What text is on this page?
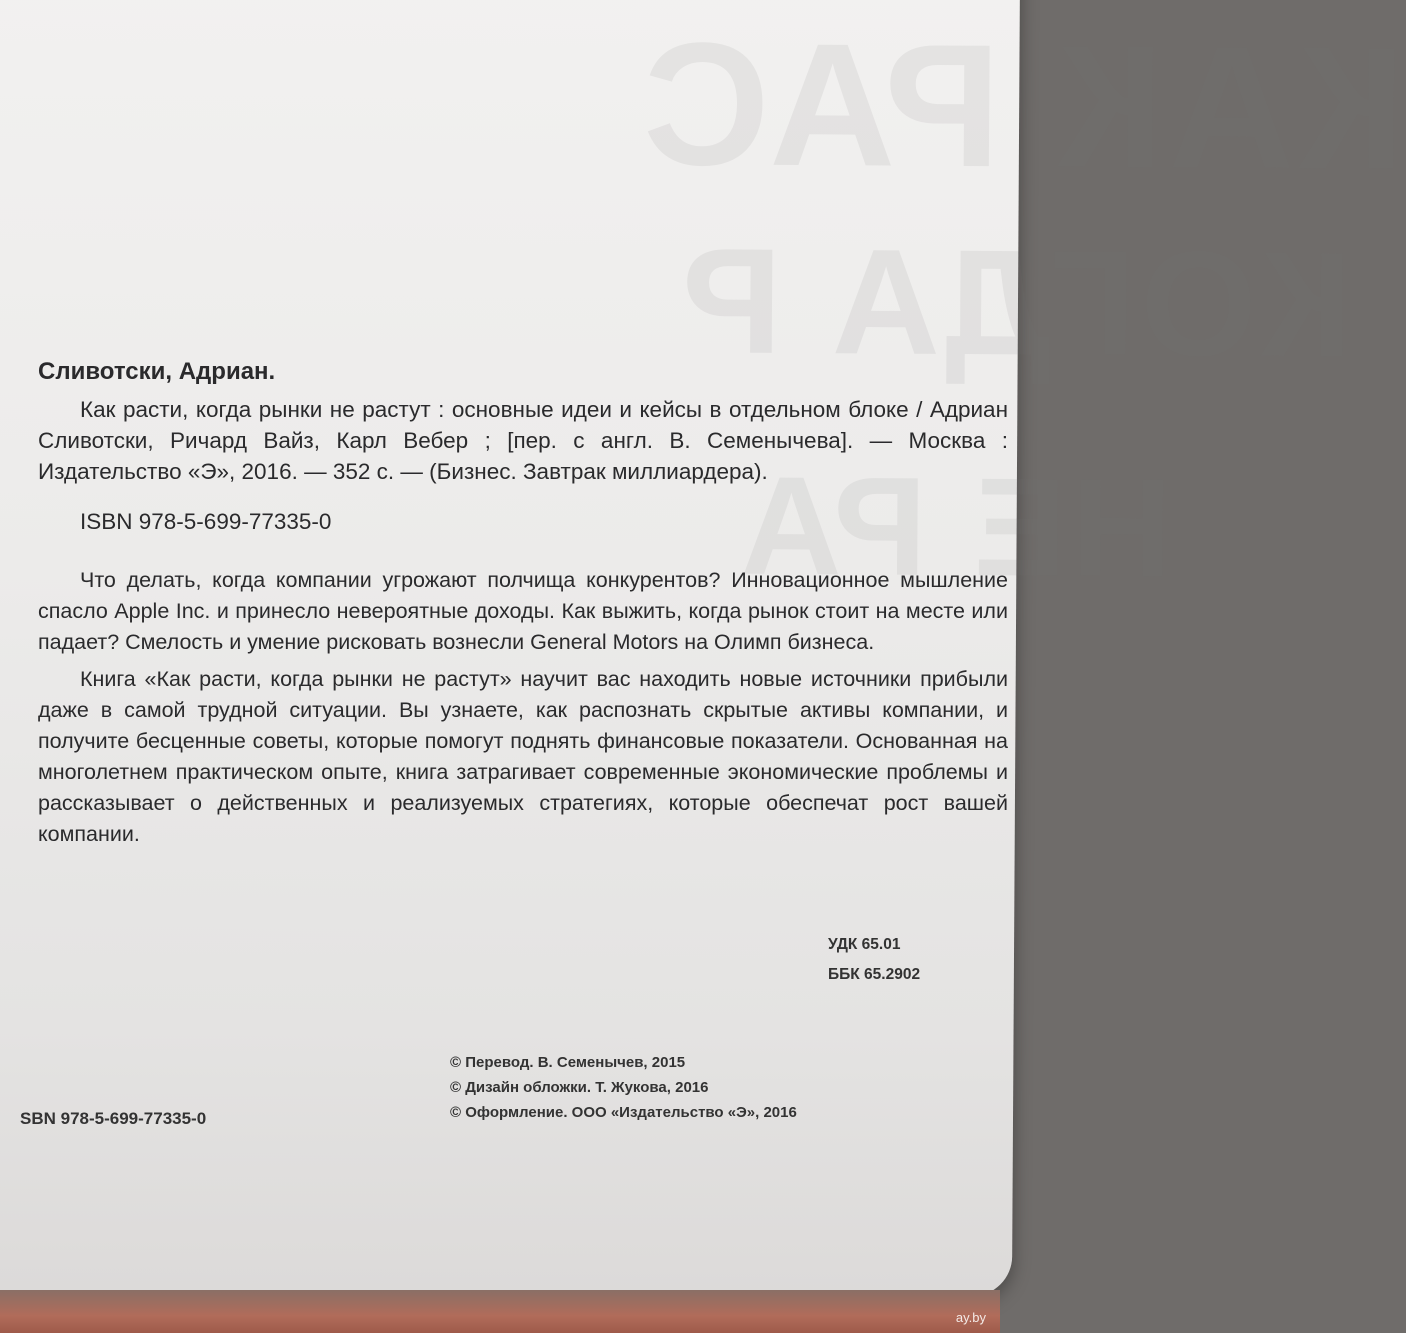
КАК РАС
КОГДА Р
НЕ РА
Сливотски, Адриан.

Как расти, когда рынки не растут : основные идеи и кейсы в отдельном блоке / Адриан Сливотски, Ричард Вайз, Карл Вебер ; [пер. с англ. В. Семенычева]. — Москва : Издательство «Э», 2016. — 352 с. — (Бизнес. Завтрак миллиардера).

ISBN 978-5-699-77335-0

Что делать, когда компании угрожают полчища конкурентов? Инновационное мышление спасло Apple Inc. и принесло невероятные доходы. Как выжить, когда рынок стоит на месте или падает? Смелость и умение рисковать вознесли General Motors на Олимп бизнеса.

Книга «Как расти, когда рынки не растут» научит вас находить новые источники прибыли даже в самой трудной ситуации. Вы узнаете, как распознать скрытые активы компании, и получите бесценные советы, которые помогут поднять финансовые показатели. Основанная на многолетнем практическом опыте, книга затрагивает современные экономические проблемы и рассказывает о действенных и реализуемых стратегиях, которые обеспечат рост вашей компании.

УДК 65.01
ББК 65.2902
SBN 978-5-699-77335-0
© Перевод. В. Семенычев, 2015
© Дизайн обложки. Т. Жукова, 2016
© Оформление. ООО «Издательство «Э», 2016
ay.by
